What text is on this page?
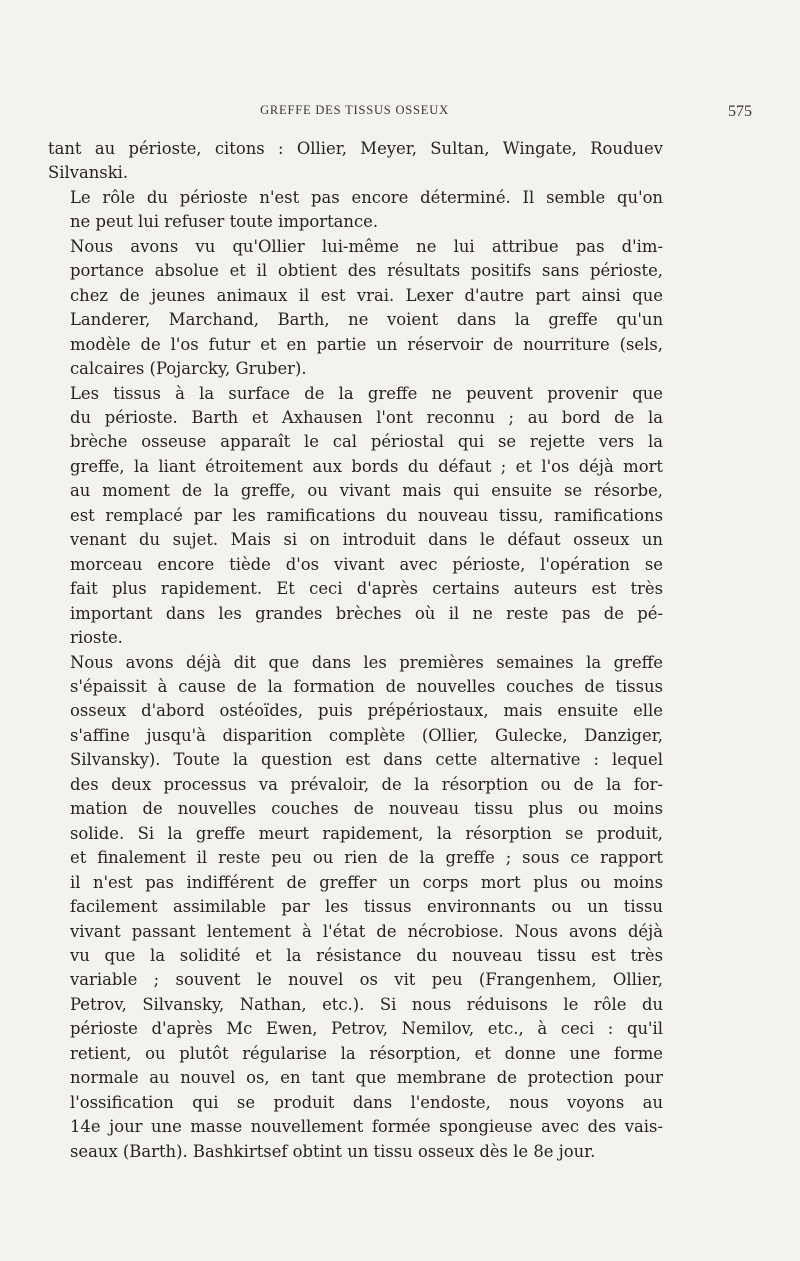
GREFFE DES TISSUS OSSEUX	575

tant au périoste, citons : Ollier, Meyer, Sultan, Wingate, Rouduev
Silvanski.

Le rôle du périoste n'est pas encore déterminé. Il semble qu'on
ne peut lui refuser toute importance.

Nous avons vu qu'Ollier lui-même ne lui attribue pas d'im-
portance absolue et il obtient des résultats positifs sans périoste,
chez de jeunes animaux il est vrai. Lexer d'autre part ainsi que
Landerer, Marchand, Barth, ne voient dans la greffe qu'un
modèle de l'os futur et en partie un réservoir de nourriture (sels,
calcaires (Pojarcky, Gruber).

Les tissus à la surface de la greffe ne peuvent provenir que
du périoste. Barth et Axhausen l'ont reconnu ; au bord de la
brèche osseuse apparaît le cal périostal qui se rejette vers la
greffe, la liant étroitement aux bords du défaut ; et l'os déjà mort
au moment de la greffe, ou vivant mais qui ensuite se résorbe,
est remplacé par les ramifications du nouveau tissu, ramifications
venant du sujet. Mais si on introduit dans le défaut osseux un
morceau encore tiède d'os vivant avec périoste, l'opération se
fait plus rapidement. Et ceci d'après certains auteurs est très
important dans les grandes brèches où il ne reste pas de pé-
rioste.

Nous avons déjà dit que dans les premières semaines la greffe
s'épaissit à cause de la formation de nouvelles couches de tissus
osseux d'abord ostéoïdes, puis prépériostaux, mais ensuite elle
s'affine jusqu'à disparition complète (Ollier, Gulecke, Danziger,
Silvansky). Toute la question est dans cette alternative : lequel
des deux processus va prévaloir, de la résorption ou de la for-
mation de nouvelles couches de nouveau tissu plus ou moins
solide. Si la greffe meurt rapidement, la résorption se produit,
et finalement il reste peu ou rien de la greffe ; sous ce rapport
il n'est pas indifférent de greffer un corps mort plus ou moins
facilement assimilable par les tissus environnants ou un tissu
vivant passant lentement à l'état de nécrobiose. Nous avons déjà
vu que la solidité et la résistance du nouveau tissu est très
variable ; souvent le nouvel os vit peu (Frangenhem, Ollier,
Petrov, Silvansky, Nathan, etc.). Si nous réduisons le rôle du
périoste d'après Mc Ewen, Petrov, Nemilov, etc., à ceci : qu'il
retient, ou plutôt régularise la résorption, et donne une forme
normale au nouvel os, en tant que membrane de protection pour
l'ossification qui se produit dans l'endoste, nous voyons au
14e jour une masse nouvellement formée spongieuse avec des vais-
seaux (Barth). Bashkirtsef obtint un tissu osseux dès le 8e jour.
